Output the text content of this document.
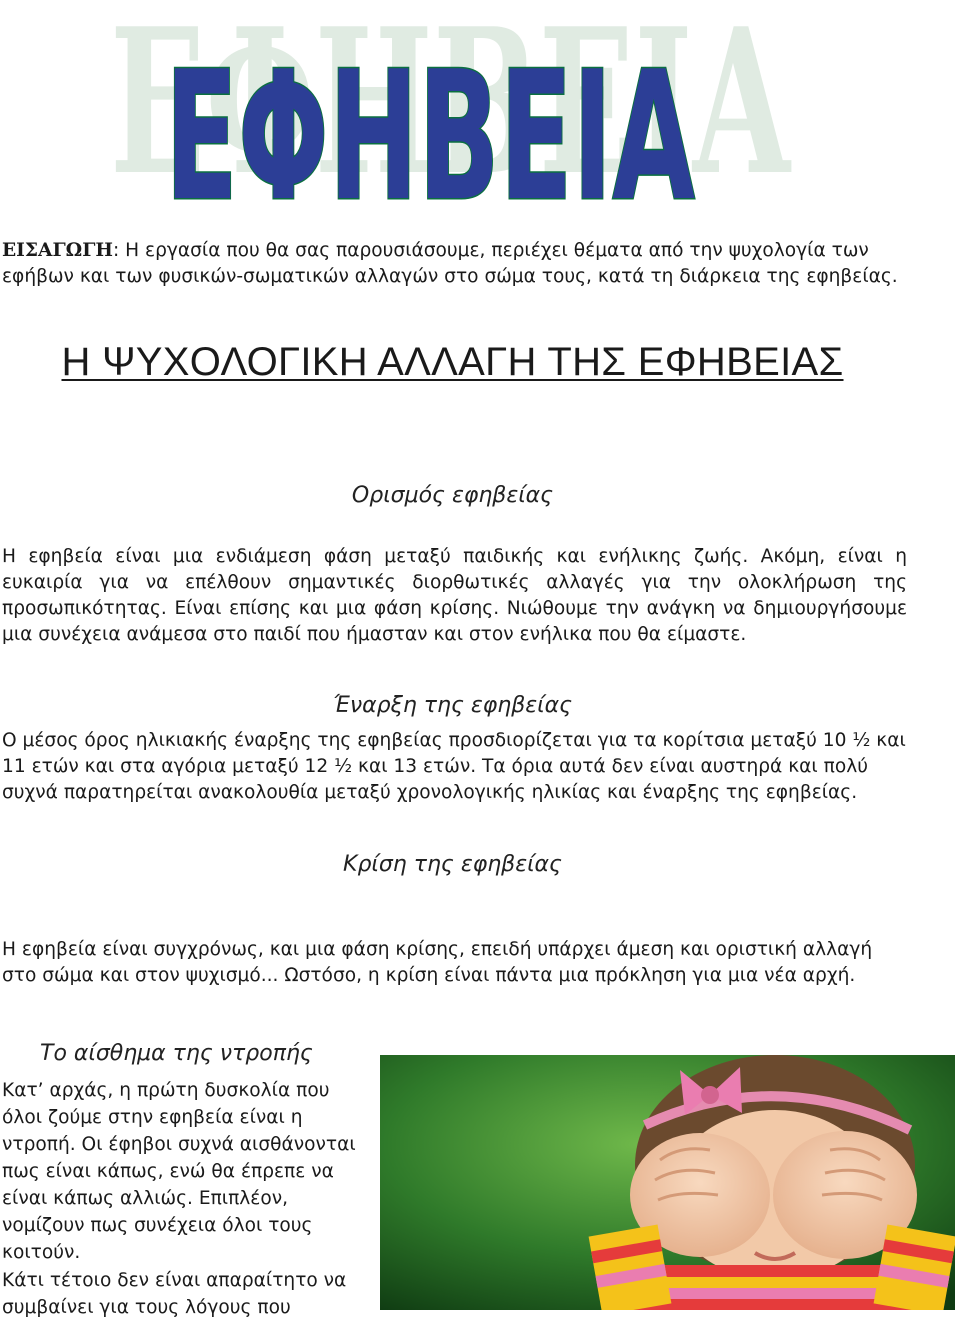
ΕΦΗΒΕΙΑ
ΕΦΗΒΕΙΑ
ΕΙΣΑΓΩΓΗ: Η εργασία που θα σας παρουσιάσουμε, περιέχει θέματα από την ψυχολογία των εφήβων και των φυσικών-σωματικών αλλαγών στο σώμα τους, κατά τη διάρκεια της εφηβείας.
Η ΨΥΧΟΛΟΓΙΚΗ ΑΛΛΑΓΗ ΤΗΣ ΕΦΗΒΕΙΑΣ
Ορισμός εφηβείας
Η εφηβεία είναι μια ενδιάμεση φάση μεταξύ παιδικής και ενήλικης ζωής. Ακόμη, είναι η ευκαιρία για να επέλθουν σημαντικές διορθωτικές αλλαγές για την ολοκλήρωση της προσωπικότητας. Είναι επίσης και μια φάση κρίσης. Νιώθουμε την ανάγκη να δημιουργήσουμε μια συνέχεια ανάμεσα στο παιδί που ήμασταν και στον ενήλικα που θα είμαστε.
Έναρξη της εφηβείας
Ο μέσος όρος ηλικιακής έναρξης της εφηβείας προσδιορίζεται για τα κορίτσια μεταξύ 10 ½ και 11 ετών και στα αγόρια μεταξύ 12 ½ και 13 ετών. Τα όρια αυτά δεν είναι αυστηρά και πολύ συχνά παρατηρείται ανακολουθία μεταξύ χρονολογικής ηλικίας και έναρξης της εφηβείας.
Κρίση της εφηβείας
Η εφηβεία είναι συγχρόνως, και μια φάση κρίσης, επειδή υπάρχει άμεση και οριστική αλλαγή στο σώμα και στον ψυχισμό... Ωστόσο, η κρίση είναι πάντα μια πρόκληση για μια νέα αρχή.
Το αίσθημα της ντροπής
Κατ’ αρχάς, η πρώτη δυσκολία που όλοι ζούμε στην εφηβεία είναι η ντροπή. Οι έφηβοι συχνά αισθάνονται πως είναι κάπως, ενώ θα έπρεπε να είναι κάπως αλλιώς. Επιπλέον, νομίζουν πως συνέχεια όλοι τους κοιτούν.
Κάτι τέτοιο δεν είναι απαραίτητο να συμβαίνει για τους λόγους που
